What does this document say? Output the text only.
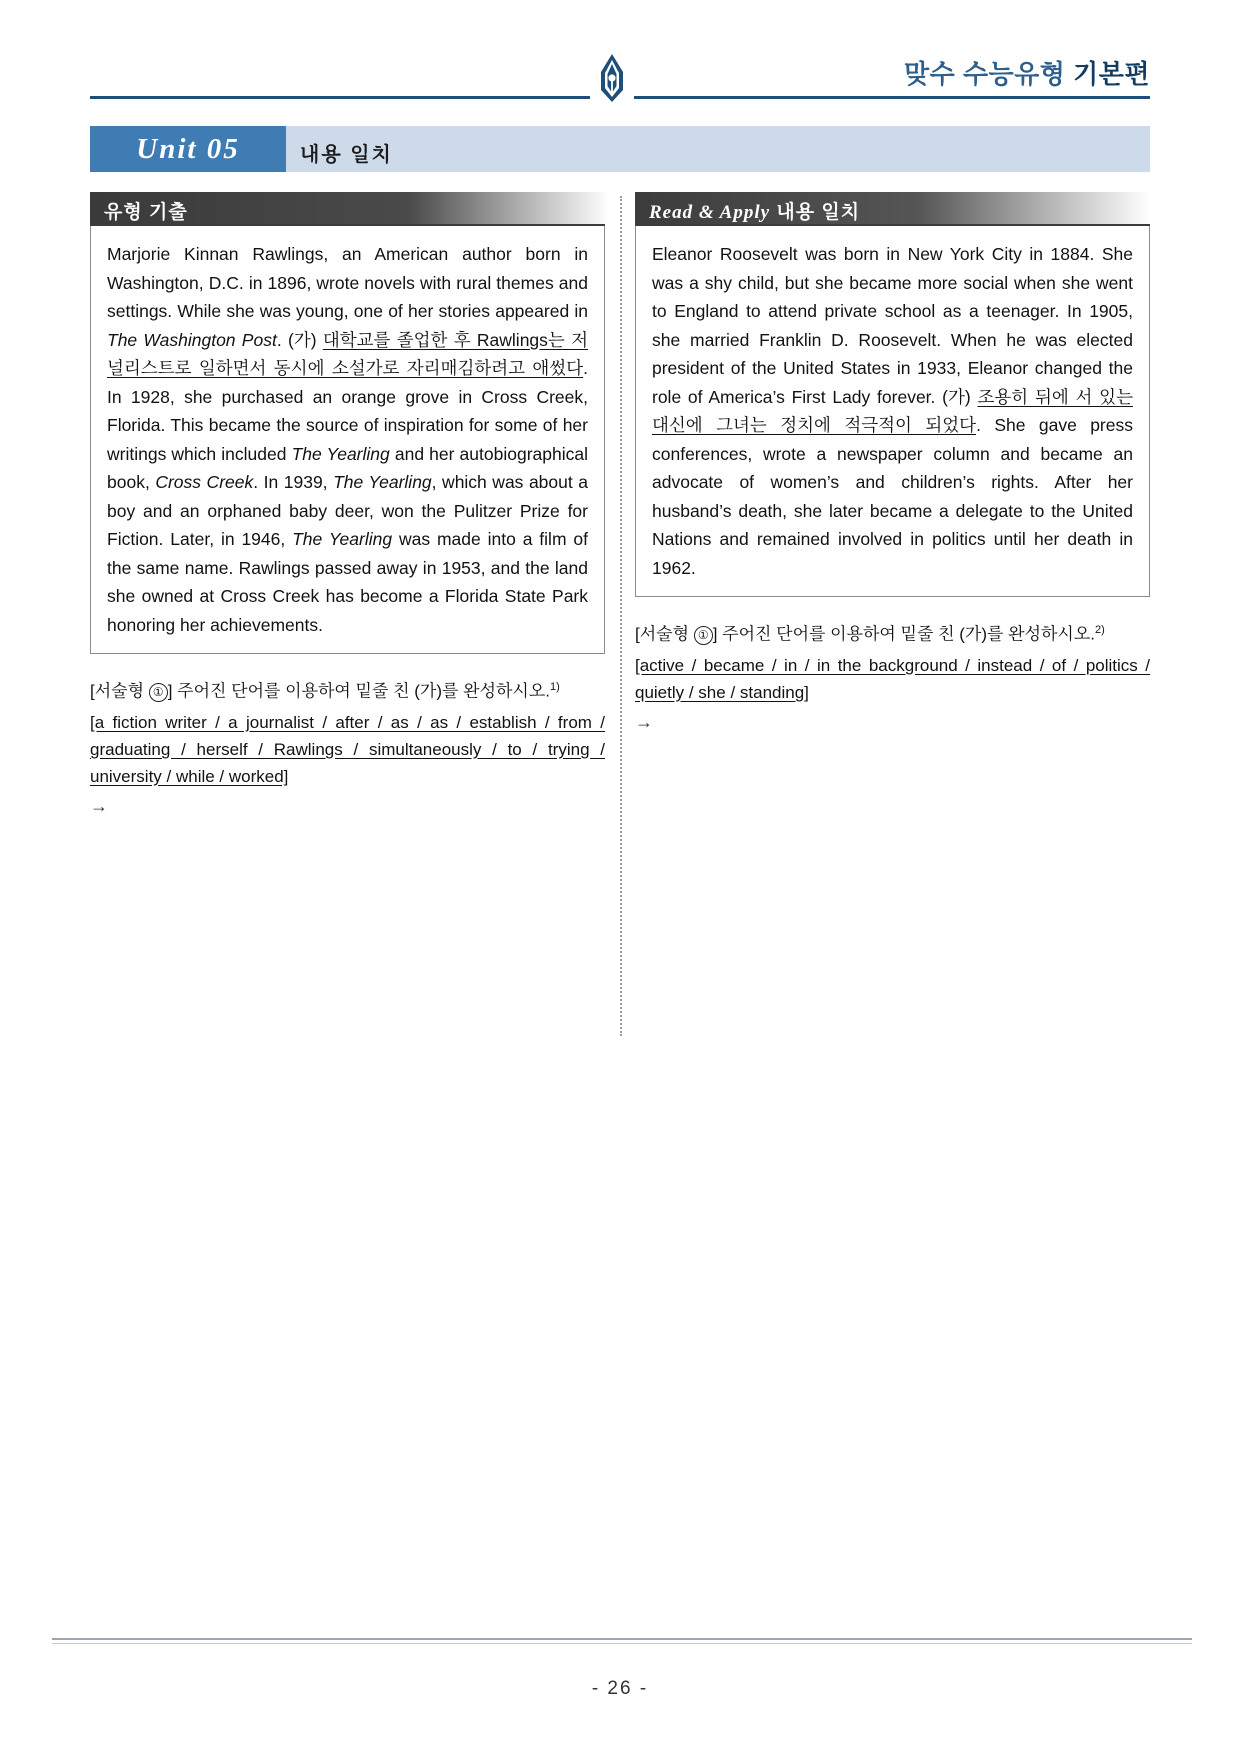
맞수 수능유형 기본편
Unit 05	내용 일치
유형 기출
Marjorie Kinnan Rawlings, an American author born in Washington, D.C. in 1896, wrote novels with rural themes and settings. While she was young, one of her stories appeared in The Washington Post. (가) 대학교를 졸업한 후 Rawlings는 저널리스트로 일하면서 동시에 소설가로 자리매김하려고 애썼다. In 1928, she purchased an orange grove in Cross Creek, Florida. This became the source of inspiration for some of her writings which included The Yearling and her autobiographical book, Cross Creek. In 1939, The Yearling, which was about a boy and an orphaned baby deer, won the Pulitzer Prize for Fiction. Later, in 1946, The Yearling was made into a film of the same name. Rawlings passed away in 1953, and the land she owned at Cross Creek has become a Florida State Park honoring her achievements.
[서술형 ① ] 주어진 단어를 이용하여 밑줄 친 (가)를 완성하시오.$^{1)}$
[a fiction writer / a journalist / after / as / as / establish / from / graduating / herself / Rawlings / simultaneously / to / trying / university / while / worked]
→
Read & Apply 내용 일치
Eleanor Roosevelt was born in New York City in 1884. She was a shy child, but she became more social when she went to England to attend private school as a teenager. In 1905, she married Franklin D. Roosevelt. When he was elected president of the United States in 1933, Eleanor changed the role of America’s First Lady forever. (가) 조용히 뒤에 서 있는 대신에 그녀는 정치에 적극적이 되었다. She gave press conferences, wrote a newspaper column and became an advocate of women’s and children’s rights. After her husband’s death, she later became a delegate to the United Nations and remained involved in politics until her death in 1962.
[서술형 ① ] 주어진 단어를 이용하여 밑줄 친 (가)를 완성하시오.$^{2)}$
[active / became / in / in the background / instead / of / politics / quietly / she / standing]
→
- 26 -
